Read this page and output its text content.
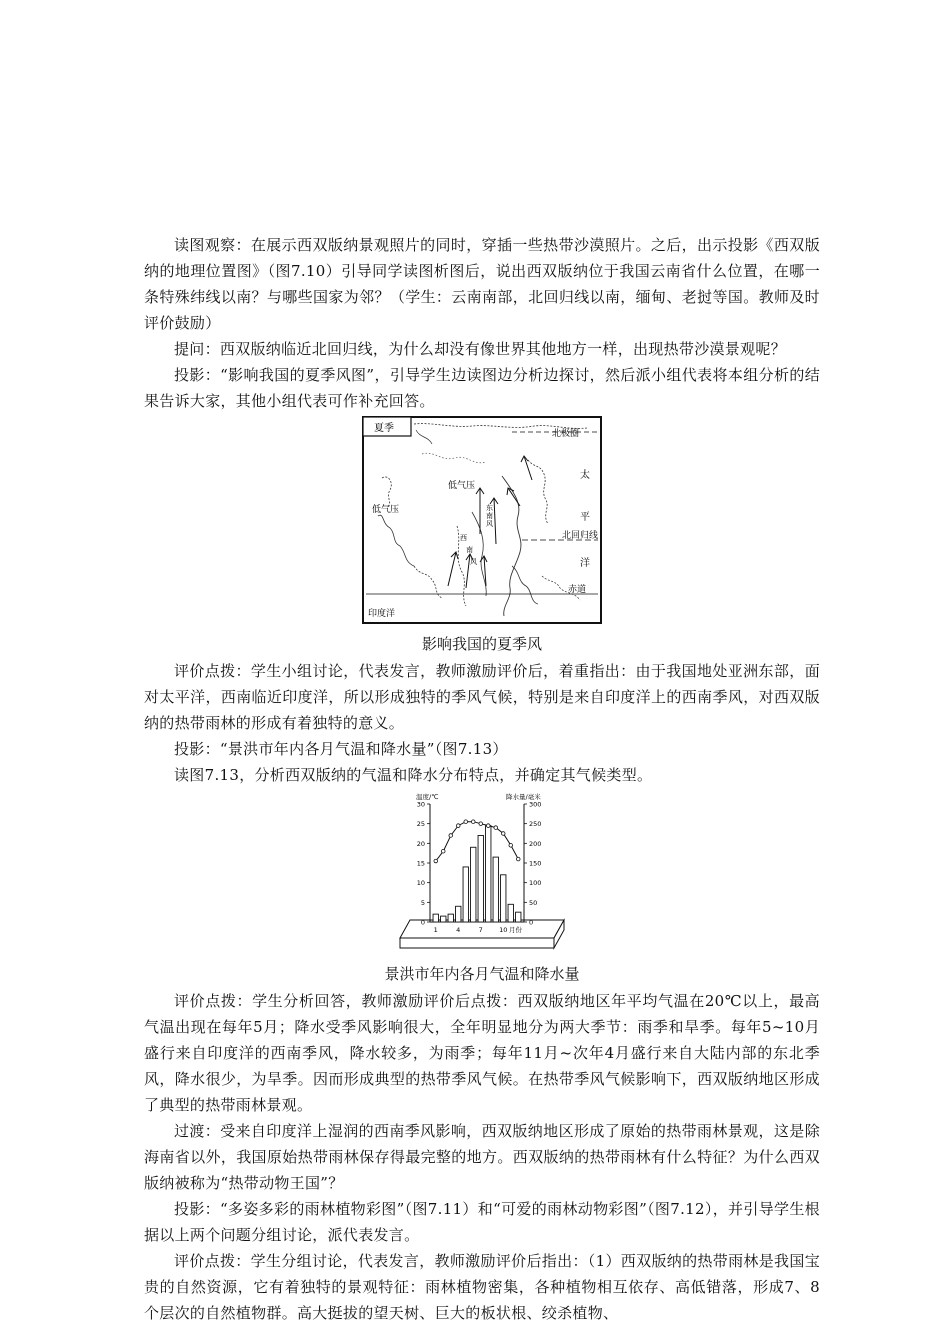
读图观察：在展示西双版纳景观照片的同时，穿插一些热带沙漠照片。之后，出示投影《西双版纳的地理位置图》（图7.10）引导同学读图析图后，说出西双版纳位于我国云南省什么位置，在哪一条特殊纬线以南？与哪些国家为邻？（学生：云南南部，北回归线以南，缅甸、老挝等国。教师及时评价鼓励）

提问：西双版纳临近北回归线，为什么却没有像世界其他地方一样，出现热带沙漠景观呢？

投影：“影响我国的夏季风图”，引导学生边读图边分析边探讨，然后派小组代表将本组分析的结果告诉大家，其他小组代表可作补充回答。

夏季	北极圈
低气压
低气压
太
平
北回归线
洋
赤道
印度洋
东
南
风
西
南
风
影响我国的夏季风

评价点拨：学生小组讨论，代表发言，教师激励评价后，着重指出：由于我国地处亚洲东部，面对太平洋，西南临近印度洋，所以形成独特的季风气候，特别是来自印度洋上的西南季风，对西双版纳的热带雨林的形成有着独特的意义。

投影：“景洪市年内各月气温和降水量”（图7.13）

读图7.13，分析西双版纳的气温和降水分布特点，并确定其气候类型。

0
5
10
15
20
25
30
0
50
100
150
200
250
300
温度/℃	降水量/毫米
月份
1	4	7	10
景洪市年内各月气温和降水量

评价点拨：学生分析回答，教师激励评价后点拨：西双版纳地区年平均气温在20℃以上，最高气温出现在每年5月；降水受季风影响很大，全年明显地分为两大季节：雨季和旱季。每年5~10月盛行来自印度洋的西南季风，降水较多，为雨季；每年11月~次年4月盛行来自大陆内部的东北季风，降水很少，为旱季。因而形成典型的热带季风气候。在热带季风气候影响下，西双版纳地区形成了典型的热带雨林景观。

过渡：受来自印度洋上湿润的西南季风影响，西双版纳地区形成了原始的热带雨林景观，这是除海南省以外，我国原始热带雨林保存得最完整的地方。西双版纳的热带雨林有什么特征？为什么西双版纳被称为“热带动物王国”？

投影：“多姿多彩的雨林植物彩图”（图7.11）和“可爱的雨林动物彩图”（图7.12），并引导学生根据以上两个问题分组讨论，派代表发言。

评价点拨：学生分组讨论，代表发言，教师激励评价后指出：（1）西双版纳的热带雨林是我国宝贵的自然资源，它有着独特的景观特征：雨林植物密集，各种植物相互依存、高低错落，形成7、8个层次的自然植物群。高大挺拔的望天树、巨大的板状根、绞杀植物、
